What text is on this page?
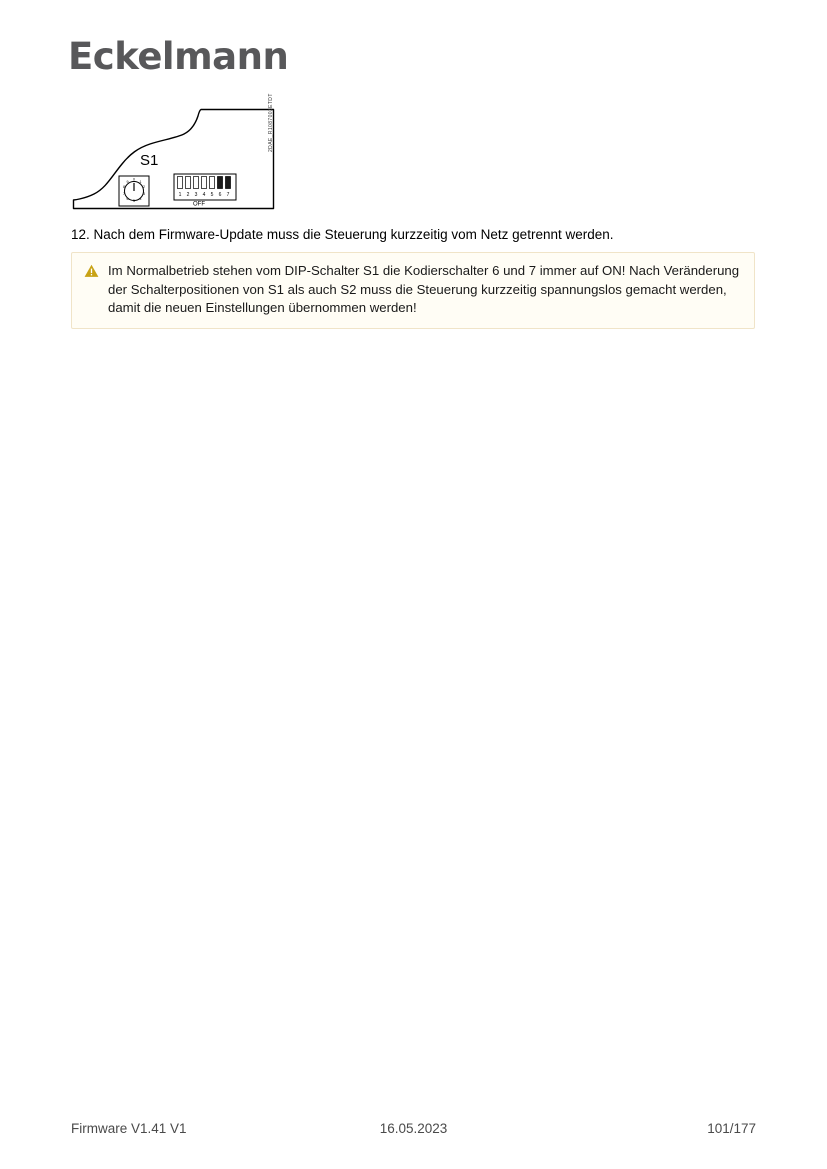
Eckelmann
0
1
2
3
4
5
6
7
8
9
1 2 3 4 5 6 7
OFF
S1
2DAE_R1087003ETDT
12. Nach dem Firmware-Update muss die Steuerung kurzzeitig vom Netz getrennt werden.
Im Normalbetrieb stehen vom DIP-Schalter S1 die Kodierschalter 6 und 7 immer auf ON! Nach Veränderung der Schalterpositionen von S1 als auch S2 muss die Steuerung kurzzeitig spannungslos gemacht werden, damit die neuen Einstellungen übernommen werden!
Firmware V1.41 V1	16.05.2023	101/177
